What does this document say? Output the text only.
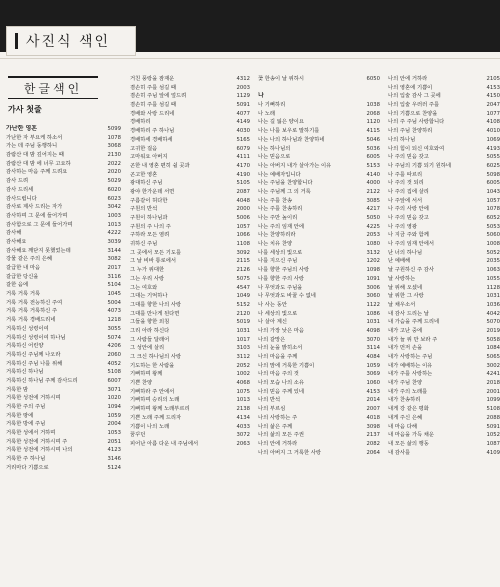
사진식 색인
한글색인
가사 첫줄
가난한 영혼	5099
가난한 자 부요케 하소서	1078
가는 데 주님 동행하니	3068
감람산 대 밤 깊어지는 때	2130
감람산 대 밤 에 너무 고요하	2022
감사하는 마음 주께 드려요	2020
감사 드려	5029
감사 드리세	6020
감사드립니다	6023
감사로 제사 드리는 자가	3042
감사하며 그 문에 들어가며	1003
감사함으로 그 문에 들어가며	1013
감사해	4222
감사해요	3039
감사해요 깨닫지 못했었는데	3144
강물 같은 주의 은혜	3082
갈급한 내 마음	2017
갈급한 당신을	3116
갈한 음에	5104
거룩 거룩 거룩	1045
거룩 거룩 전능하신 주여	5004
거룩 거룩 거룩하신 주	4073
거룩 거룩 경배드리네	1218
거룩하신 성령이여	3055
거룩하신 성령이여 하나님	5074
거룩하신 어린양	4206
거룩하신 주님께 나오라	2060
거룩하신 주님 나를 위해	4052
거룩하신 하나님	5108
거룩하신 하나님 주께 감사드리	6007
거룩한 밤	3071
거룩한 성전에 거하시며	1020
거룩한 주의 주님	1094
거룩한 땅에	1059
거룩한 방에 주님	2004
거룩한 성에서 거하며	1053
거룩한 성전에 거하시며 주	2051
거룩한 성전에 거하시며 나의	4123
거룩한 주 하나님	3146
거리마다 기쁨으로	5124
거친 풍랑을 잠재운	4312
겸손히 주를 섬길 때	2003
겸손히 주님 앞에 엎드려	1129
겸손히 주를 섬길 때	5091
경배와 사랑 드리네	4077
경배하리	4149
경배하리 주 하나님	4030
경배하세 경배하세	5165
고귀한 걸음	6079
고마워요 아버지	4111
곤한 내 영혼 편히 쉴 곳과	4170
곤고한 영혼	4190
광대하신 주님	5105
광야 한가운데 서면	2087
구름같이 허다한	4048
구원의 반석	2000
구원이 하나님과	5006
구원의 주 나의 주	1057
구하라 모든 염려	1066
귀하신 주님	1108
그 곳에서 모든 기도를	3092
그 날 비바 통로에서	2115
그 누가 위대한	2126
그는 우리 사랑	5075
그는 여호와	4547
그대는 기억하나	1049
그대를 향한 나의 사랑	5152
그대를 만나게 된다면	2120
그들을 향한 외침	5019
그리 아라 하신다	1031
그 사람들 달래어	1017
그 성안에 살리	3103
그 크신 하나님의 사랑	3112
기도하는 한 사람을	2052
기뻐하며 왕께	1002
기쁜 찬양	4068
기뻐하라 주 안에서	1075
기뻐하며 승리의 노래	1013
기뻐하며 왕께 노래부르리	2138
기쁜 노래 주께 드리자	4134
기쁨이 나의 노래	4033
꿈꾸던	3072
피어난 아름 다운 내 주님에서	2063
꽃 한송이 날 위하시	6050
나
나 기뻐하리	1038
나 노래	2068
나는 길 잃은 양이요	1120
나는 나를 보우로 말하기를	4115
나는 나의 하나님과 찬양하네	5046
나는 하나님의	5036
나는 믿음으로	6005
나는 아버지 내가 살아가는 이유	5153
나는 예배자입니다	4140
나는 주님을 찬양합니다	4000
나는 주님께 그 의 거룩	2122
나는 주를 찬송	3085
나는 주를 찬송하리	4217
나는 주만 높이리	5050
나는 주의 임재 안에	4225
나는 찬양하리라	2053
나는 치유 찬양	1080
나를 세상의 빛으로	3132
나를 지으신 주님	1202
나를 향한 주님의 사랑	1098
나를 향한 주의 사랑	1091
나 무엇과도 주님을	3006
나 무엇과도 바꿀 수 없네	3060
나 사는 동안	1122
나 세상의 빛으로	1086
나 살아 계신	1031
나의 가장 낮은 마음	4098
나의 갈망은	3070
나의 눈을 밝히소서	3114
나의 마음을 주께	4084
나의 맘에 거룩한 기쁨이	1059
나의 마음 주의 것	3069
나의 모습 나의 소유	1060
나의 믿음 주께 있네	4153
나의 반석	2014
나의 부르심	2007
나의 사랑하는 주	4018
나의 삶은 주께	3098
나의 삶의 모든 주권	2137
나의 안에 거하라	2082
나의 아버지 그 거룩한 사랑	2064
나의 안에 거하라	2105
나의 영혼에 기쁨이	4153
나의 입술 감사 그 곳에	4150
나의 입술 우러러 주를	2047
나의 기쁨으로 찬양을	1077
나의 주 주님 사랑합니다	4108
나의 주님 찬양하리	4010
나의 하나님	1069
나의 힘이 되신 여호와여	4193
나 주의 믿음 갖고	5055
나 주님의 기쁨 되기 원하네	6025
나 주를 따르리	5098
나 주의 것 되리	6005
나 주의 집에 살리	1043
나 주앞에 서서	1057
나 주의 사랑 안에	1078
나 주의 믿음 갖고	6052
나 주의 영광	5053
나 지금 주와 함께	5060
나 주의 임재 안에서	1008
난 너의 하나님	5052
난 예배해	2035
날 구원하신 주 감사	1063
날 사랑하는	1055
날 위해 오셨네	1128
날 위한 그 사랑	1031
날 채우소서	1036
내 감사 드리는 날	4042
내 가슴을 주께 드리네	5070
내가 고난 중에	2019
내가 늘 위 만 보라 주	5058
내가 먼저 손을	1084
내가 사랑하는 주님	5065
내가 예배하는 이유	3002
내가 주를 사랑하는	4241
내가 주님 찬양	2018
내가 주의 노래를	2001
내가 찬송하리	1099
내게 강 같은 평화	5108
내게 주신 은혜	2088
내 마음 다해	5091
내 마음을 가득 채운	1052
내 모든 삶의 행동	1087
내 감사를	4109
